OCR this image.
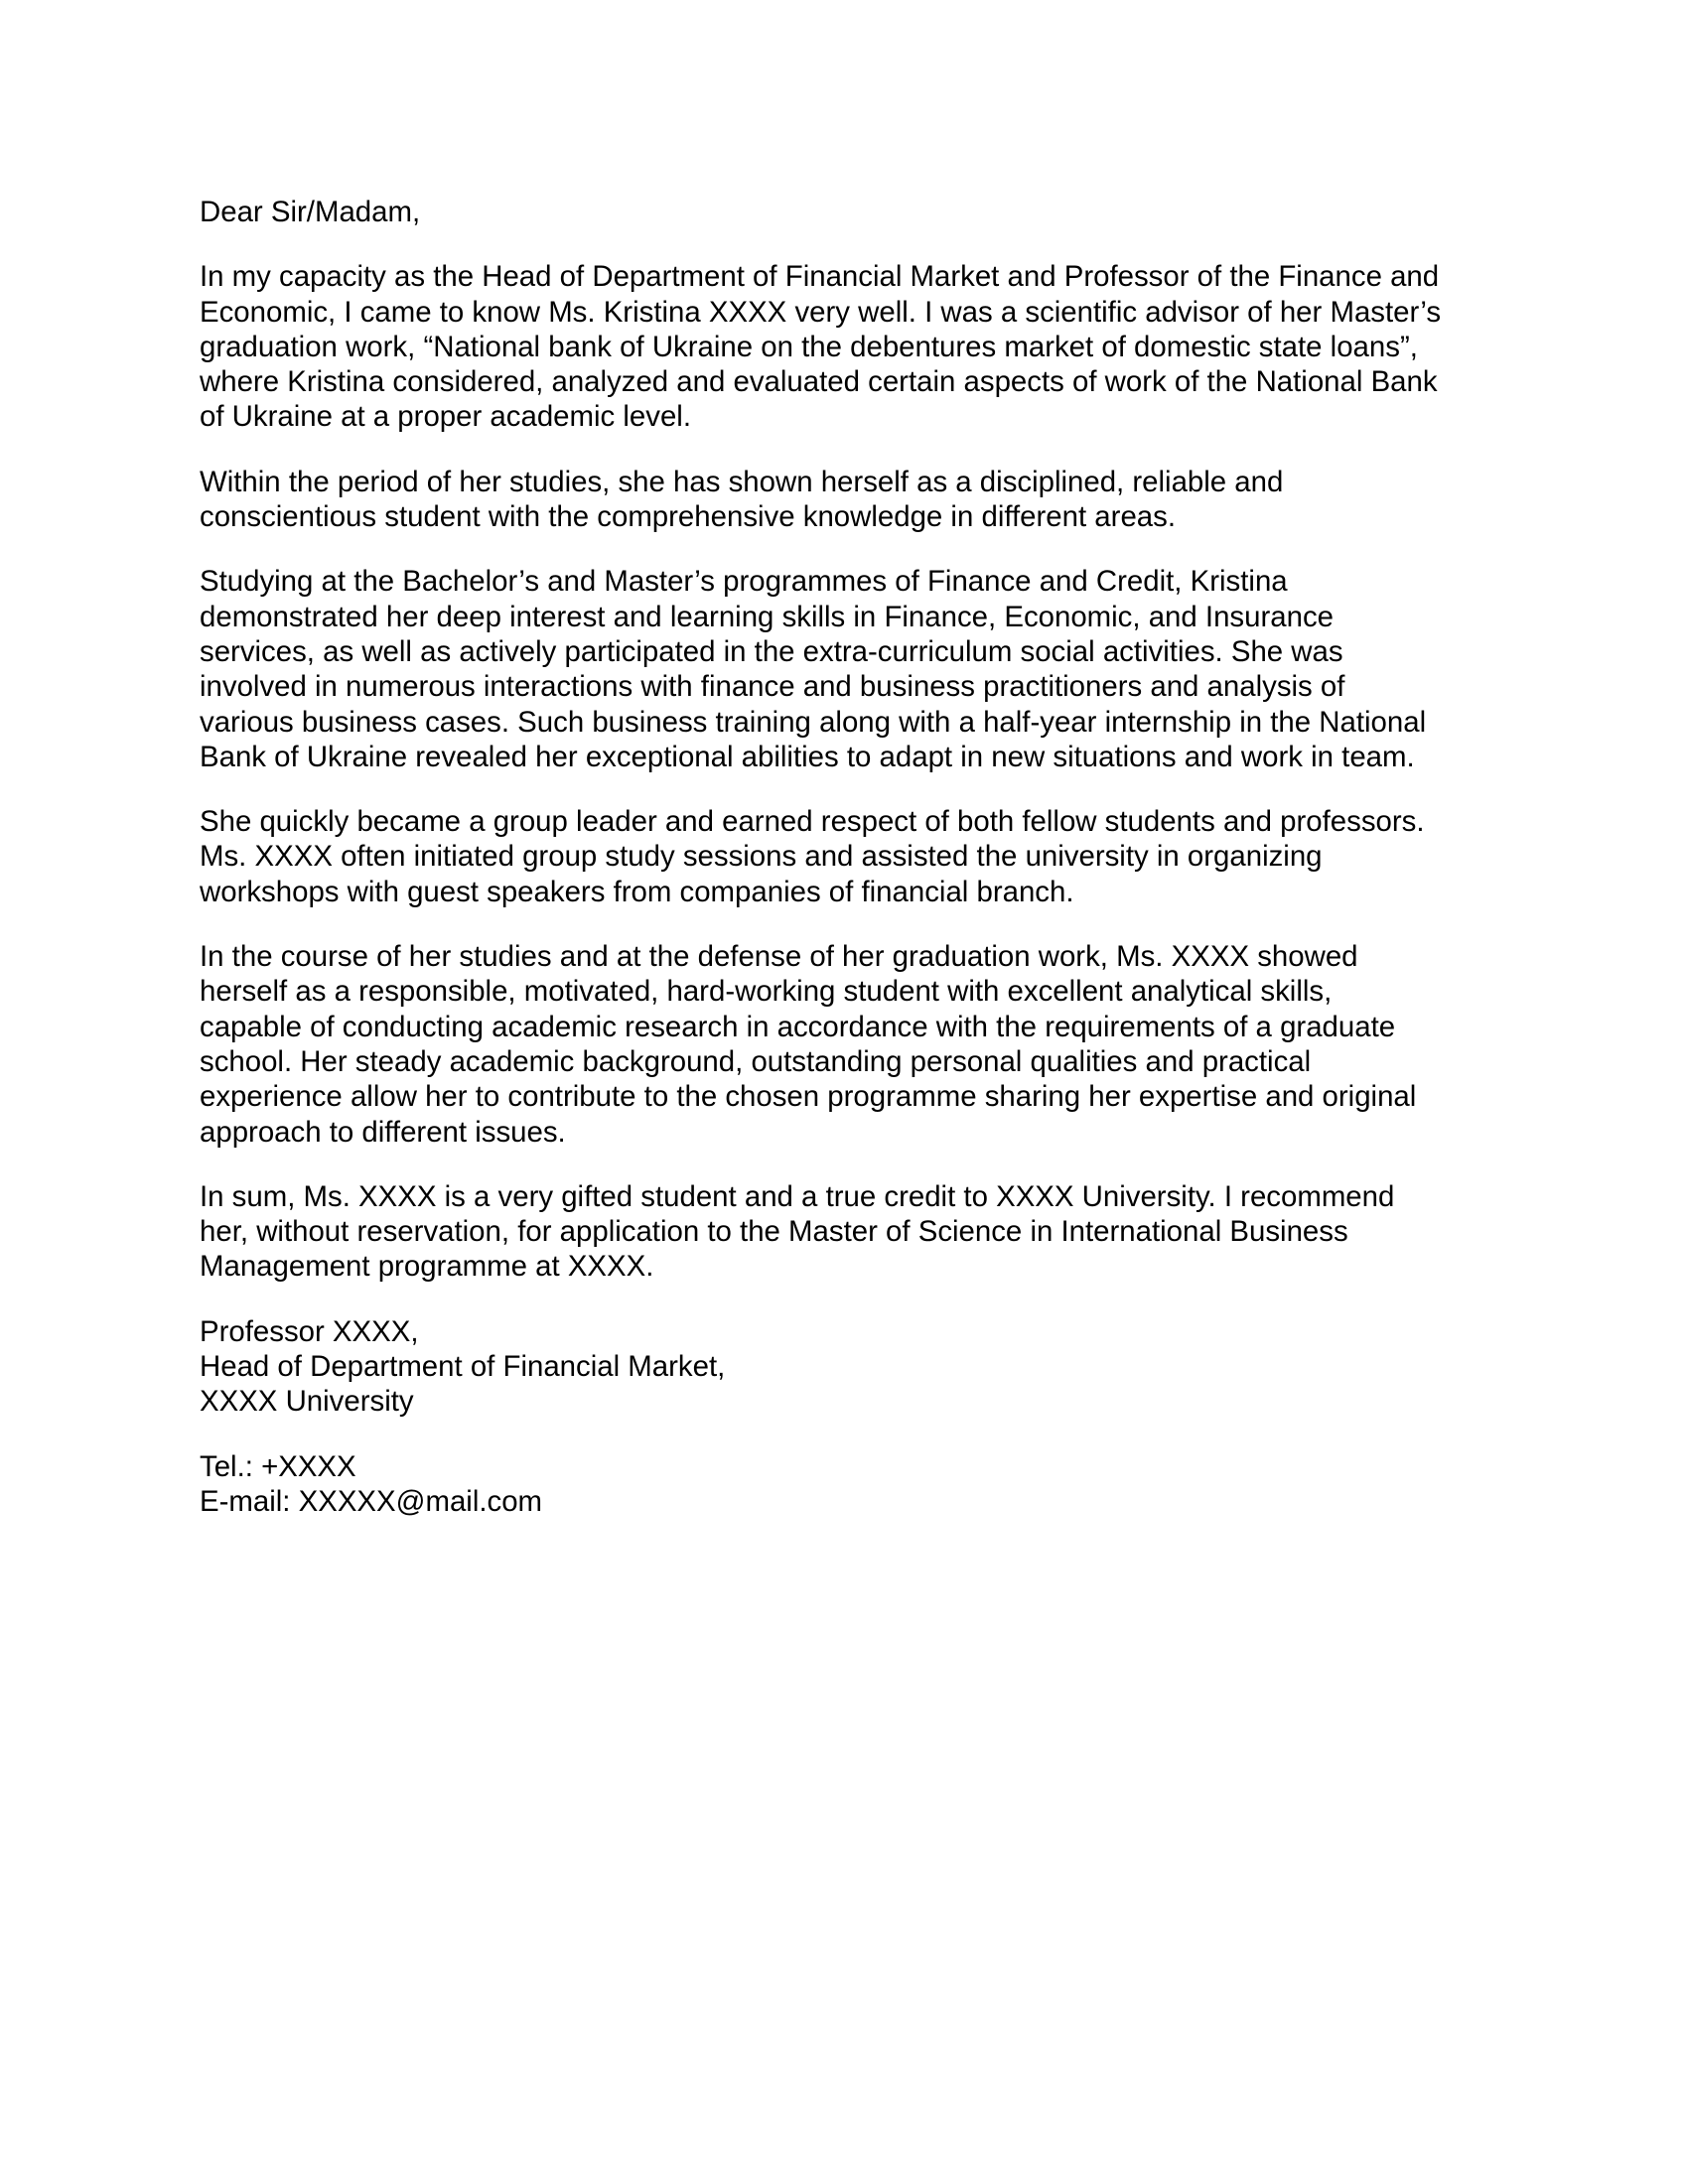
Dear Sir/Madam,

In my capacity as the Head of Department of Financial Market and Professor of the Finance and
Economic, I came to know Ms. Kristina XXXX very well. I was a scientific advisor of her Master’s
graduation work, “National bank of Ukraine on the debentures market of domestic state loans”,
where Kristina considered, analyzed and evaluated certain aspects of work of the National Bank
of Ukraine at a proper academic level.

Within the period of her studies, she has shown herself as a disciplined, reliable and
conscientious student with the comprehensive knowledge in different areas.

Studying at the Bachelor’s and Master’s programmes of Finance and Credit, Kristina
demonstrated her deep interest and learning skills in Finance, Economic, and Insurance
services, as well as actively participated in the extra-curriculum social activities. She was
involved in numerous interactions with finance and business practitioners and analysis of
various business cases. Such business training along with a half-year internship in the National
Bank of Ukraine revealed her exceptional abilities to adapt in new situations and work in team.

She quickly became a group leader and earned respect of both fellow students and professors.
Ms. XXXX often initiated group study sessions and assisted the university in organizing
workshops with guest speakers from companies of financial branch.

In the course of her studies and at the defense of her graduation work, Ms. XXXX showed
herself as a responsible, motivated, hard-working student with excellent analytical skills,
capable of conducting academic research in accordance with the requirements of a graduate
school. Her steady academic background, outstanding personal qualities and practical
experience allow her to contribute to the chosen programme sharing her expertise and original
approach to different issues.

In sum, Ms. XXXX is a very gifted student and a true credit to XXXX University. I recommend
her, without reservation, for application to the Master of Science in International Business
Management programme at XXXX.

Professor XXXX,
Head of Department of Financial Market,
XXXX University

Tel.: +XXXX
E-mail: XXXXX@mail.com
